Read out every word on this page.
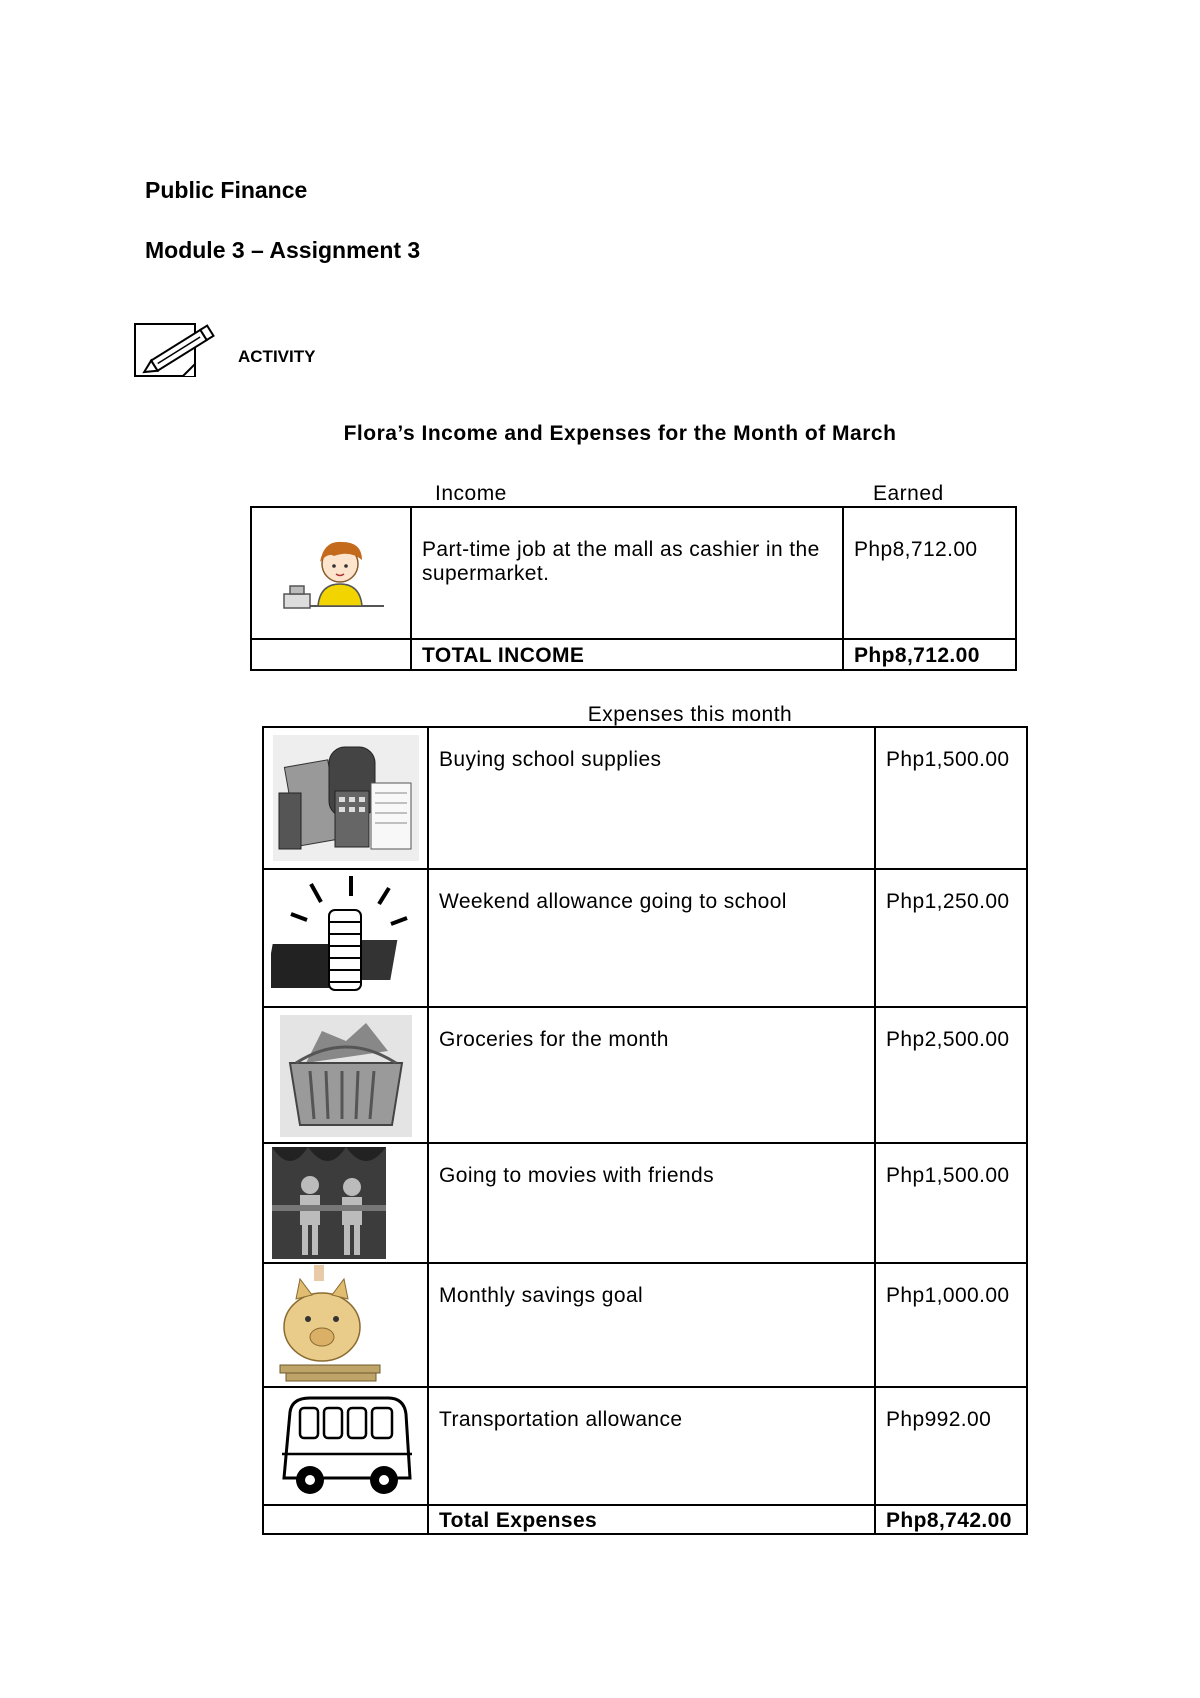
Public Finance
Module 3 – Assignment 3
ACTIVITY
Flora’s Income and Expenses for the Month of March
Income	Earned
	Part-time job at the mall as cashier in the supermarket.	Php8,712.00
	TOTAL INCOME	Php8,712.00
Expenses this month
	Buying school supplies	Php1,500.00

	Weekend allowance going to school	Php1,250.00

	Groceries for the month	Php2,500.00

	Going to movies with friends	Php1,500.00

	Monthly savings goal	Php1,000.00

	Transportation allowance	Php992.00
	Total Expenses	Php8,742.00
